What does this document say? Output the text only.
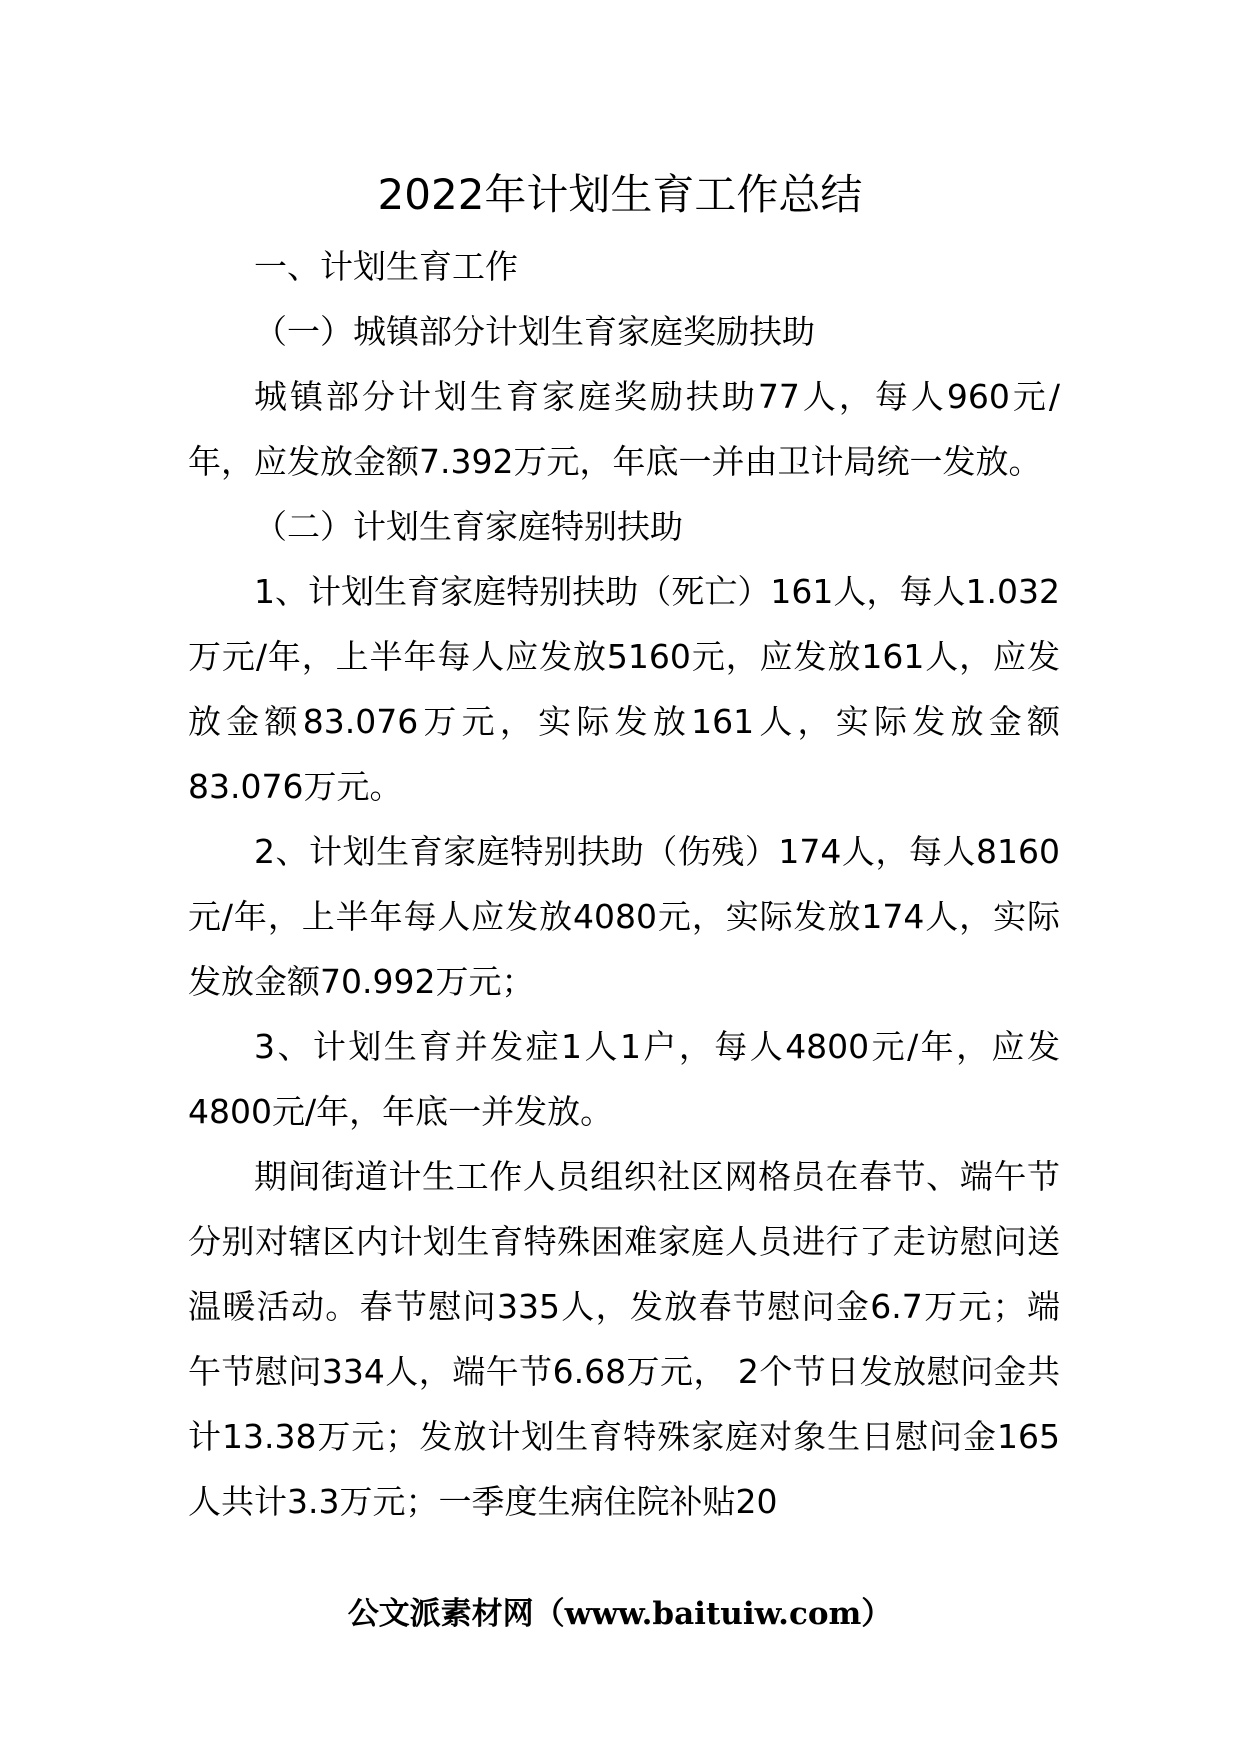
2022年计划生育工作总结

一、计划生育工作

（一）城镇部分计划生育家庭奖励扶助

城镇部分计划生育家庭奖励扶助77人，每人960元/年，应发放金额7.392万元，年底一并由卫计局统一发放。

（二）计划生育家庭特别扶助

1、计划生育家庭特别扶助（死亡）161人，每人1.032万元/年，上半年每人应发放5160元，应发放161人，应发放金额83.076万元，实际发放161人，实际发放金额83.076万元。

2、计划生育家庭特别扶助（伤残）174人，每人8160元/年，上半年每人应发放4080元，实际发放174人，实际发放金额70.992万元；

3、计划生育并发症1人1户，每人4800元/年，应发4800元/年，年底一并发放。

期间街道计生工作人员组织社区网格员在春节、端午节分别对辖区内计划生育特殊困难家庭人员进行了走访慰问送温暖活动。春节慰问335人，发放春节慰问金6.7万元；端午节慰问334人，端午节6.68万元， 2个节日发放慰问金共计13.38万元；发放计划生育特殊家庭对象生日慰问金165人共计3.3万元；一季度生病住院补贴20

公文派素材网（www.baituiw.com）
